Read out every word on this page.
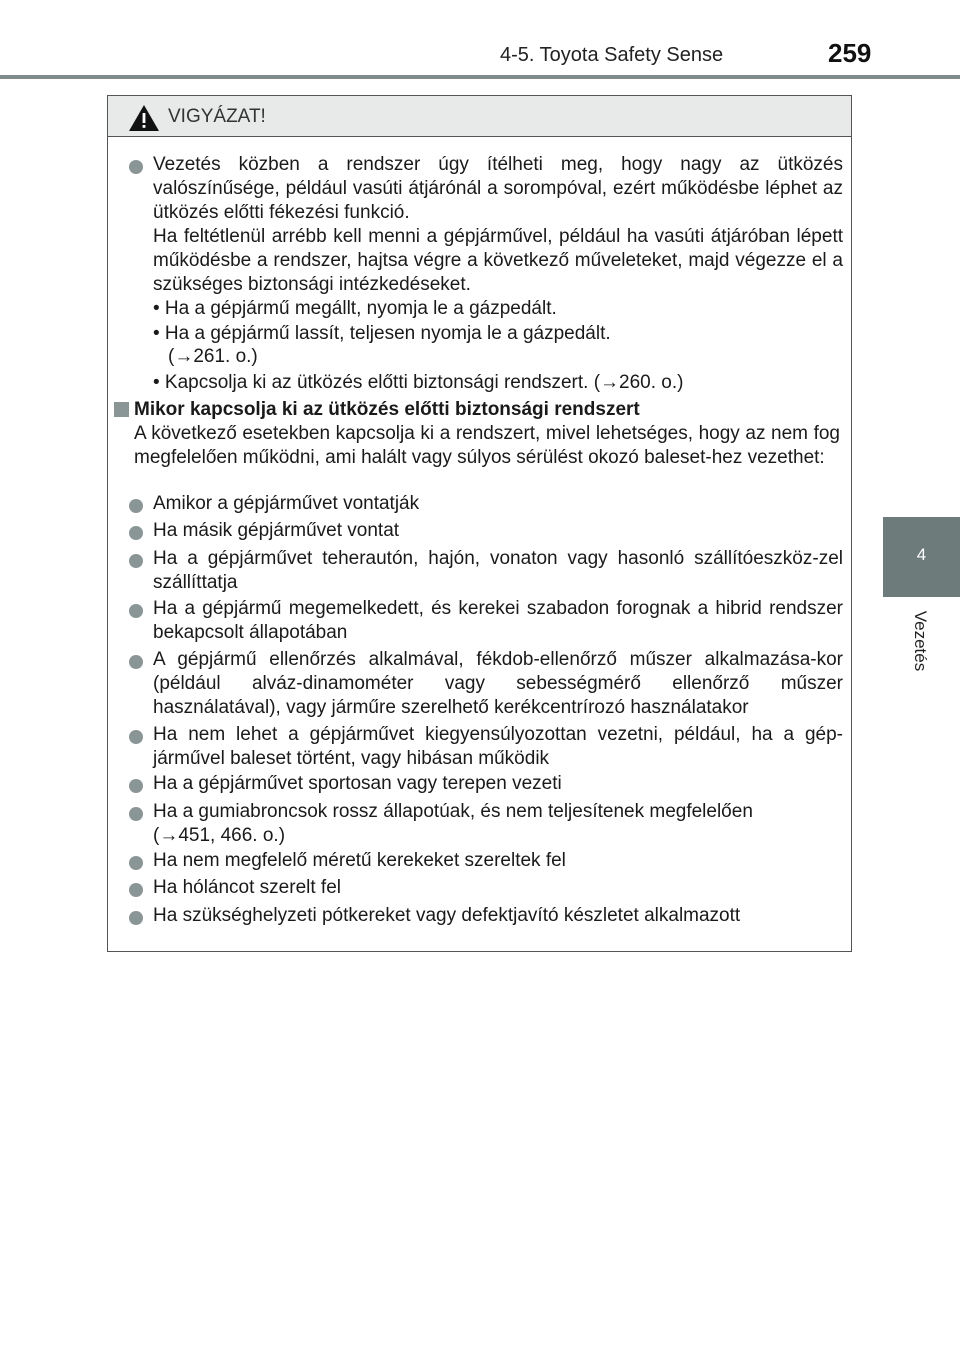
4-5. Toyota Safety Sense	259
4
Vezetés
VIGYÁZAT!
Vezetés közben a rendszer úgy ítélheti meg, hogy nagy az ütközés valószínűsége, például vasúti átjárónál a sorompóval, ezért működésbe léphet az ütközés előtti fékezési funkció.
Ha feltétlenül arrébb kell menni a gépjárművel, például ha vasúti átjáróban lépett működésbe a rendszer, hajtsa végre a következő műveleteket, majd végezze el a szükséges biztonsági intézkedéseket.
• Ha a gépjármű megállt, nyomja le a gázpedált.
• Ha a gépjármű lassít, teljesen nyomja le a gázpedált.
(→261. o.)
• Kapcsolja ki az ütközés előtti biztonsági rendszert. (→260. o.)
Mikor kapcsolja ki az ütközés előtti biztonsági rendszert
A következő esetekben kapcsolja ki a rendszert, mivel lehetséges, hogy az nem fog megfelelően működni, ami halált vagy súlyos sérülést okozó baleset-hez vezethet:
Amikor a gépjárművet vontatják
Ha másik gépjárművet vontat
Ha a gépjárművet teherautón, hajón, vonaton vagy hasonló szállítóeszköz-zel szállíttatja
Ha a gépjármű megemelkedett, és kerekei szabadon forognak a hibrid rendszer bekapcsolt állapotában
A gépjármű ellenőrzés alkalmával, fékdob-ellenőrző műszer alkalmazása-kor (például alváz-dinamométer vagy sebességmérő ellenőrző műszer használatával), vagy járműre szerelhető kerékcentrírozó használatakor
Ha nem lehet a gépjárművet kiegyensúlyozottan vezetni, például, ha a gép-járművel baleset történt, vagy hibásan működik
Ha a gépjárművet sportosan vagy terepen vezeti
Ha a gumiabroncsok rossz állapotúak, és nem teljesítenek megfelelően (→451, 466. o.)
Ha nem megfelelő méretű kerekeket szereltek fel
Ha hóláncot szerelt fel
Ha szükséghelyzeti pótkereket vagy defektjavító készletet alkalmazott
